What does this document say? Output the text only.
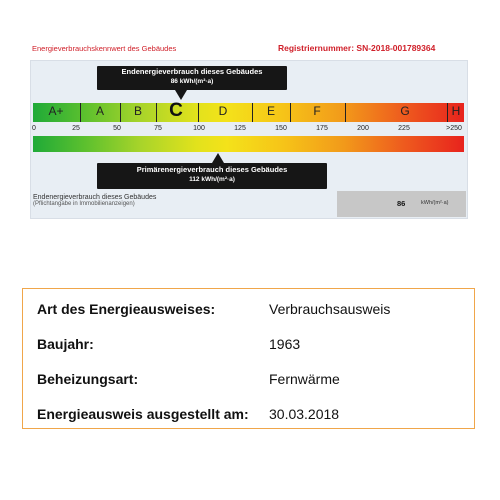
Energieverbrauchskennwert des Gebäudes	Registriernummer: SN-2018-001789364
Endenergieverbrauch dieses Gebäudes
86 kWh/(m²·a)
A+	A	B	C	D	E	F	G	H
0	25	50	75	100	125	150	175	200	225	>250
Primärenergieverbrauch dieses Gebäudes
112 kWh/(m²·a)
Endenergieverbrauch dieses Gebäudes
(Pflichtangabe in Immobilienanzeigen)	86	kWh/(m²·a)
Art des Energieausweises:	Verbrauchsausweis
Baujahr:	1963
Beheizungsart:	Fernwärme
Energieausweis ausgestellt am: 30.03.2018
